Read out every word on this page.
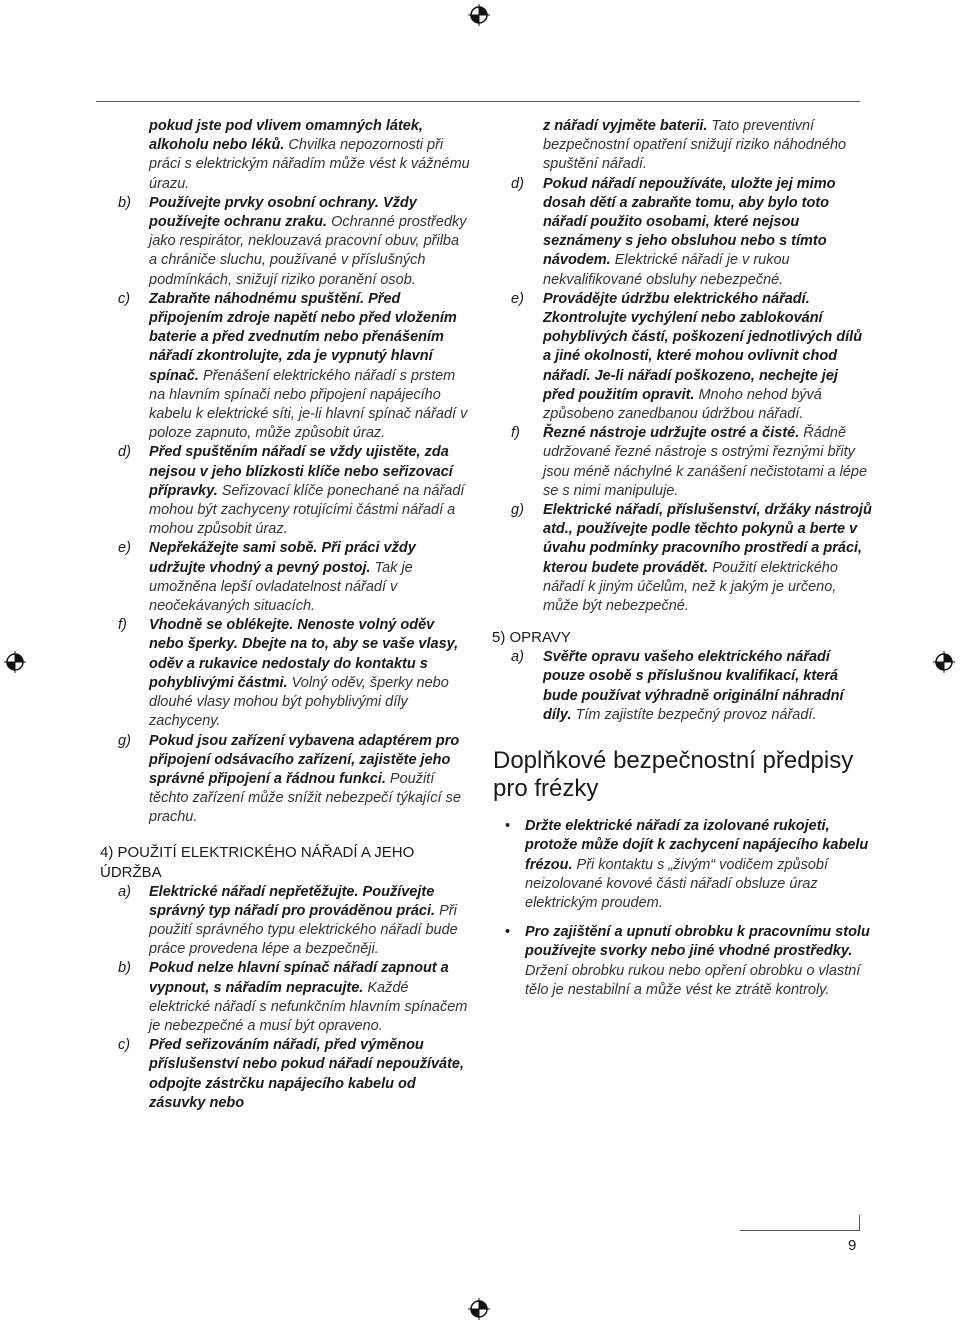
pokud jste pod vlivem omamných látek, alkoholu nebo léků. Chvilka nepozornosti při práci s elektrickým nářadím může vést k vážnému úrazu.

b) Používejte prvky osobní ochrany. Vždy používejte ochranu zraku. Ochranné prostředky jako respirátor, neklouzavá pracovní obuv, přilba a chrániče sluchu, používané v příslušných podmínkách, snižují riziko poranění osob.

c) Zabraňte náhodnému spuštění. Před připojením zdroje napětí nebo před vložením baterie a před zvednutím nebo přenášením nářadí zkontrolujte, zda je vypnutý hlavní spínač. Přenášení elektrického nářadí s prstem na hlavním spínači nebo připojení napájecího kabelu k elektrické síti, je-li hlavní spínač nářadí v poloze zapnuto, může způsobit úraz.

d) Před spuštěním nářadí se vždy ujistěte, zda nejsou v jeho blízkosti klíče nebo seřizovací přípravky. Seřizovací klíče ponechané na nářadí mohou být zachyceny rotujícími částmi nářadí a mohou způsobit úraz.

e) Nepřekážejte sami sobě. Při práci vždy udržujte vhodný a pevný postoj. Tak je umožněna lepší ovladatelnost nářadí v neočekávaných situacích.

f) Vhodně se oblékejte. Nenoste volný oděv nebo šperky. Dbejte na to, aby se vaše vlasy, oděv a rukavice nedostaly do kontaktu s pohyblivými částmi. Volný oděv, šperky nebo dlouhé vlasy mohou být pohyblivými díly zachyceny.

g) Pokud jsou zařízení vybavena adaptérem pro připojení odsávacího zařízení, zajistěte jeho správné připojení a řádnou funkci. Použití těchto zařízení může snížit nebezpečí týkající se prachu.

4) POUŽITÍ ELEKTRICKÉHO NÁŘADÍ A JEHO ÚDRŽBA

a) Elektrické nářadí nepřetěžujte. Používejte správný typ nářadí pro prováděnou práci. Při použití správného typu elektrického nářadí bude práce provedena lépe a bezpečněji.

b) Pokud nelze hlavní spínač nářadí zapnout a vypnout, s nářadím nepracujte. Každé elektrické nářadí s nefunkčním hlavním spínačem je nebezpečné a musí být opraveno.

c) Před seřizováním nářadí, před výměnou příslušenství nebo pokud nářadí nepoužíváte, odpojte zástrčku napájecího kabelu od zásuvky nebo

z nářadí vyjměte baterii. Tato preventivní bezpečnostní opatření snižují riziko náhodného spuštění nářadí.

d) Pokud nářadí nepoužíváte, uložte jej mimo dosah dětí a zabraňte tomu, aby bylo toto nářadí použito osobami, které nejsou seznámeny s jeho obsluhou nebo s tímto návodem. Elektrické nářadí je v rukou nekvalifikované obsluhy nebezpečné.

e) Provádějte údržbu elektrického nářadí. Zkontrolujte vychýlení nebo zablokování pohyblivých částí, poškození jednotlivých dílů a jiné okolnosti, které mohou ovlivnit chod nářadí. Je-li nářadí poškozeno, nechejte jej před použitím opravit. Mnoho nehod bývá způsobeno zanedbanou údržbou nářadí.

f) Řezné nástroje udržujte ostré a čisté. Řádně udržované řezné nástroje s ostrými řeznými břity jsou méně náchylné k zanášení nečistotami a lépe se s nimi manipuluje.

g) Elektrické nářadí, příslušenství, držáky nástrojů atd., používejte podle těchto pokynů a berte v úvahu podmínky pracovního prostředí a práci, kterou budete provádět. Použití elektrického nářadí k jiným účelům, než k jakým je určeno, může být nebezpečné.

5) OPRAVY

a) Svěřte opravu vašeho elektrického nářadí pouze osobě s příslušnou kvalifikací, která bude používat výhradně originální náhradní díly. Tím zajistíte bezpečný provoz nářadí.

Doplňkové bezpečnostní předpisy pro frézky

• Držte elektrické nářadí za izolované rukojeti, protože může dojít k zachycení napájecího kabelu frézou. Při kontaktu s „živým“ vodičem způsobí neizolované kovové části nářadí obsluze úraz elektrickým proudem.

• Pro zajištění a upnutí obrobku k pracovnímu stolu používejte svorky nebo jiné vhodné prostředky. Držení obrobku rukou nebo opření obrobku o vlastní tělo je nestabilní a může vést ke ztrátě kontroly.

9
